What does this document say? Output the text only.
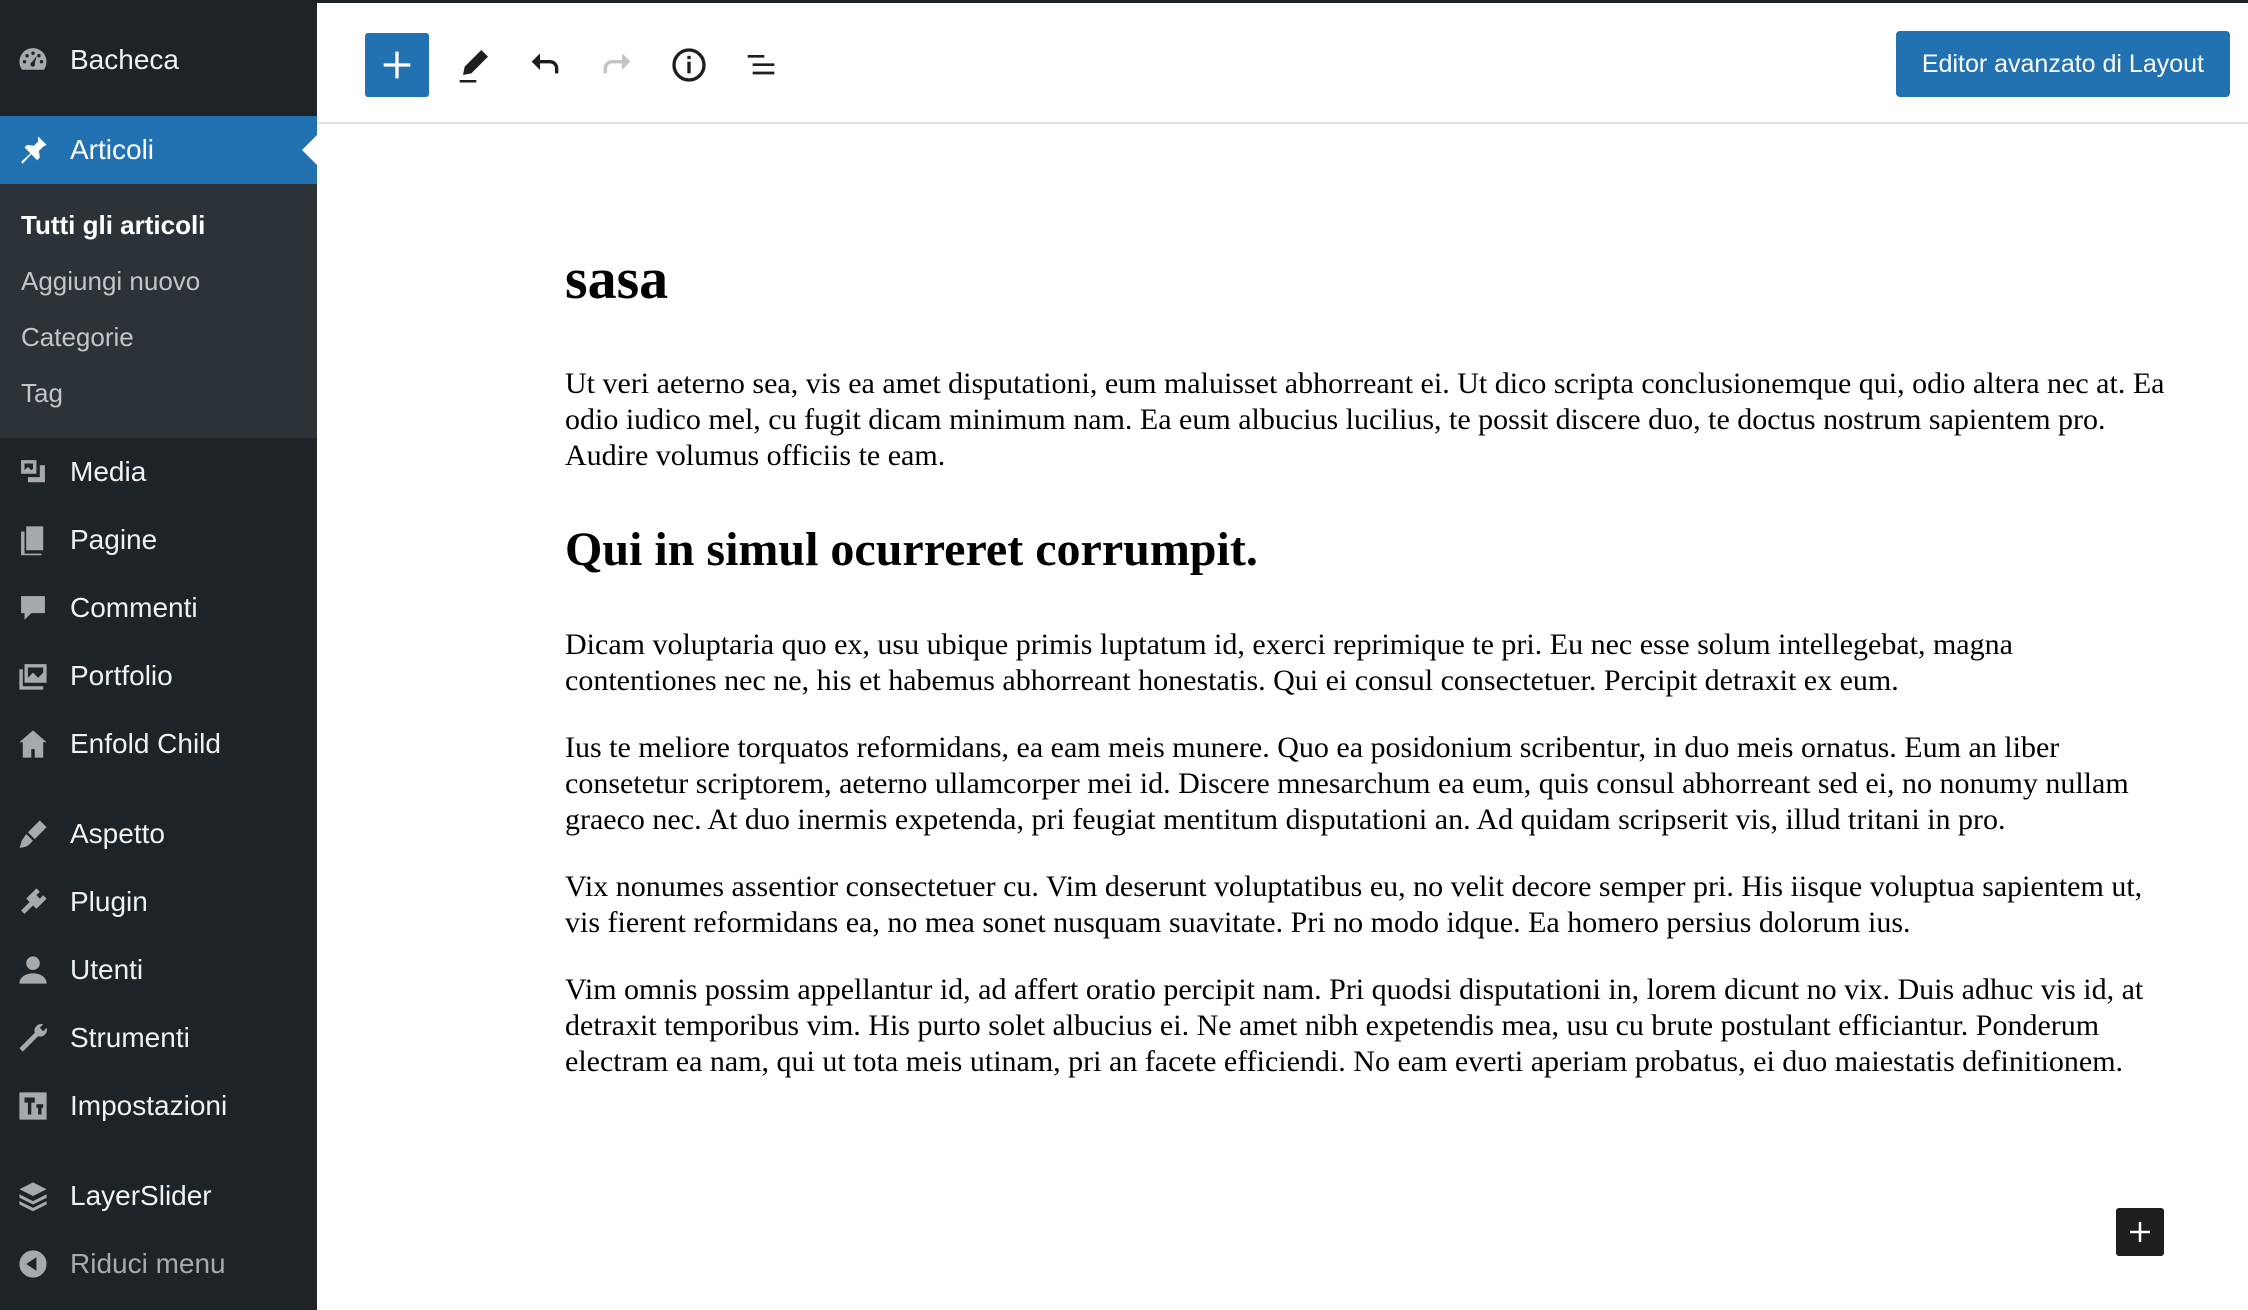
Bacheca
Articoli
Tutti gli articoli
Aggiungi nuovo
Categorie
Tag
Media
Pagine
Commenti
Portfolio
Enfold Child
Aspetto
Plugin
Utenti
Strumenti
Impostazioni
LayerSlider
Riduci menu
Editor avanzato di Layout
sasa

Ut veri aeterno sea, vis ea amet disputationi, eum maluisset abhorreant ei. Ut dico scripta conclusionemque qui, odio altera nec at. Ea odio iudico mel, cu fugit dicam minimum nam. Ea eum albucius lucilius, te possit discere duo, te doctus nostrum sapientem pro. Audire volumus officiis te eam.

Qui in simul ocurreret corrumpit.

Dicam voluptaria quo ex, usu ubique primis luptatum id, exerci reprimique te pri. Eu nec esse solum intellegebat, magna contentiones nec ne, his et habemus abhorreant honestatis. Qui ei consul consectetuer. Percipit detraxit ex eum.

Ius te meliore torquatos reformidans, ea eam meis munere. Quo ea posidonium scribentur, in duo meis ornatus. Eum an liber consetetur scriptorem, aeterno ullamcorper mei id. Discere mnesarchum ea eum, quis consul abhorreant sed ei, no nonumy nullam graeco nec. At duo inermis expetenda, pri feugiat mentitum disputationi an. Ad quidam scripserit vis, illud tritani in pro.

Vix nonumes assentior consectetuer cu. Vim deserunt voluptatibus eu, no velit decore semper pri. His iisque voluptua sapientem ut, vis fierent reformidans ea, no mea sonet nusquam suavitate. Pri no modo idque. Ea homero persius dolorum ius.

Vim omnis possim appellantur id, ad affert oratio percipit nam. Pri quodsi disputationi in, lorem dicunt no vix. Duis adhuc vis id, at detraxit temporibus vim. His purto solet albucius ei. Ne amet nibh expetendis mea, usu cu brute postulant efficiantur. Ponderum electram ea nam, qui ut tota meis utinam, pri an facete efficiendi. No eam everti aperiam probatus, ei duo maiestatis definitionem.
